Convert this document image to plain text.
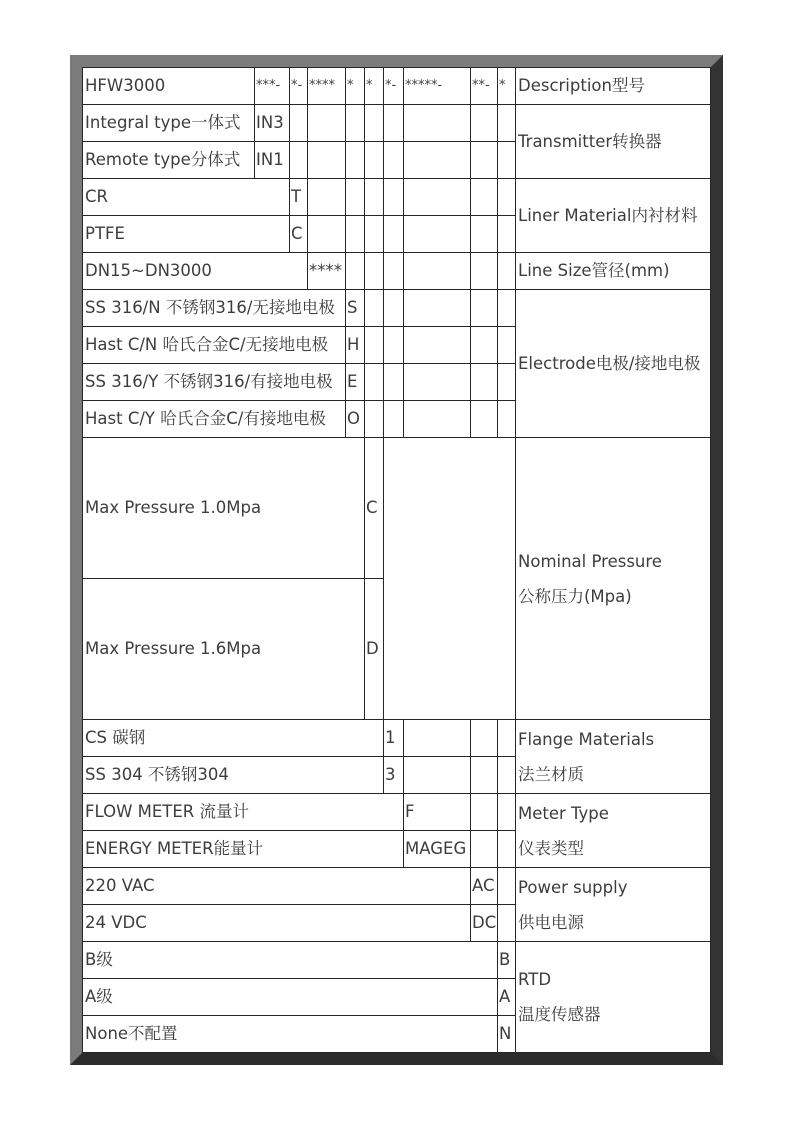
HFW3000	***-	*-	****	*	*	*-	*****-	**-	*	Description型号
Integral type一体式	IN3									Transmitter转换器
Remote type分体式	IN1									
CR		T								Liner Material内衬材料
PTFE		C								
DN15~DN3000			****							Line Size管径(mm)
SS 316/N 不锈钢316/无接地电极				S						Electrode电极/接地电极
Hast C/N 哈氏合金C/无接地电极				H						
SS 316/Y 不锈钢316/有接地电极				E						
Hast C/Y 哈氏合金C/有接地电极				O						
Max Pressure 1.0Mpa					C					Nominal Pressure
公称压力(Mpa)

Max Pressure 1.6Mpa					D					
CS 碳钢						1				Flange Materials
法兰材质

SS 304 不锈钢304						3				
FLOW METER 流量计							F			Meter Type
仪表类型

ENERGY METER能量计							MAGEG			
220 VAC								AC		Power supply
供电电源

24 VDC								DC		
B级									B	RTD
温度传感器

A级									A	
None不配置									N	
